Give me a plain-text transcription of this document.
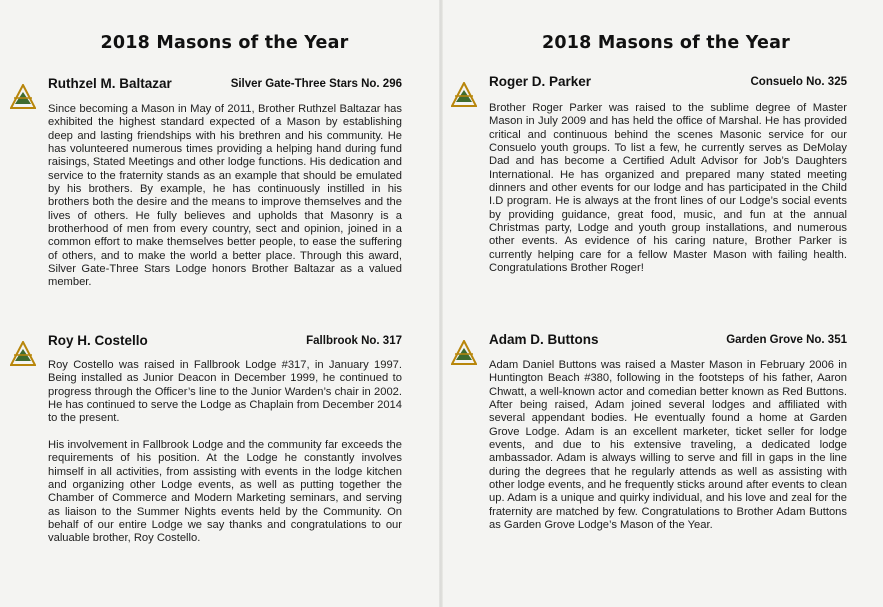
2018 Masons of the Year
Ruthzel M. Baltazar	Silver Gate-Three Stars No. 296
Since becoming a Mason in May of 2011, Brother Ruthzel Baltazar has exhibited the highest standard expected of a Mason by establishing deep and lasting friendships with his brethren and his community. He has volunteered numerous times providing a helping hand during fund raisings, Stated Meetings and other lodge functions. His dedication and service to the fraternity stands as an example that should be emulated by his brothers. By example, he has continuously instilled in his brothers both the desire and the means to improve themselves and the lives of others. He fully believes and upholds that Masonry is a brotherhood of men from every country, sect and opinion, joined in a common effort to make themselves better people, to ease the suffering of others, and to make the world a better place. Through this award, Silver Gate-Three Stars Lodge honors Brother Baltazar as a valued member.
Roy H. Costello	Fallbrook No. 317
Roy Costello was raised in Fallbrook Lodge #317, in January 1997. Being installed as Junior Deacon in December 1999, he continued to progress through the Officer’s line to the Junior Warden’s chair in 2002. He has continued to serve the Lodge as Chaplain from December 2014 to the present.
His involvement in Fallbrook Lodge and the community far exceeds the requirements of his position. At the Lodge he constantly involves himself in all activities, from assisting with events in the lodge kitchen and organizing other Lodge events, as well as putting together the Chamber of Commerce and Modern Marketing seminars, and serving as liaison to the Summer Nights events held by the Community. On behalf of our entire Lodge we say thanks and congratulations to our valuable brother, Roy Costello.
2018 Masons of the Year
Roger D. Parker	Consuelo No. 325
Brother Roger Parker was raised to the sublime degree of Master Mason in July 2009 and has held the office of Marshal. He has provided critical and continuous behind the scenes Masonic service for our Consuelo youth groups. To list a few, he currently serves as DeMolay Dad and has become a Certified Adult Advisor for Job’s Daughters International. He has organized and prepared many stated meeting dinners and other events for our lodge and has participated in the Child I.D program. He is always at the front lines of our Lodge’s social events by providing guidance, great food, music, and fun at the annual Christmas party, Lodge and youth group installations, and numerous other events. As evidence of his caring nature, Brother Parker is currently helping care for a fellow Master Mason with failing health. Congratulations Brother Roger!
Adam D. Buttons	Garden Grove No. 351
Adam Daniel Buttons was raised a Master Mason in February 2006 in Huntington Beach #380, following in the footsteps of his father, Aaron Chwatt, a well-known actor and comedian better known as Red Buttons. After being raised, Adam joined several lodges and affiliated with several appendant bodies. He eventually found a home at Garden Grove Lodge. Adam is an excellent marketer, ticket seller for lodge events, and due to his extensive traveling, a dedicated lodge ambassador. Adam is always willing to serve and fill in gaps in the line during the degrees that he regularly attends as well as assisting with other lodge events, and he frequently sticks around after events to clean up. Adam is a unique and quirky individual, and his love and zeal for the fraternity are matched by few. Congratulations to Brother Adam Buttons as Garden Grove Lodge’s Mason of the Year.
